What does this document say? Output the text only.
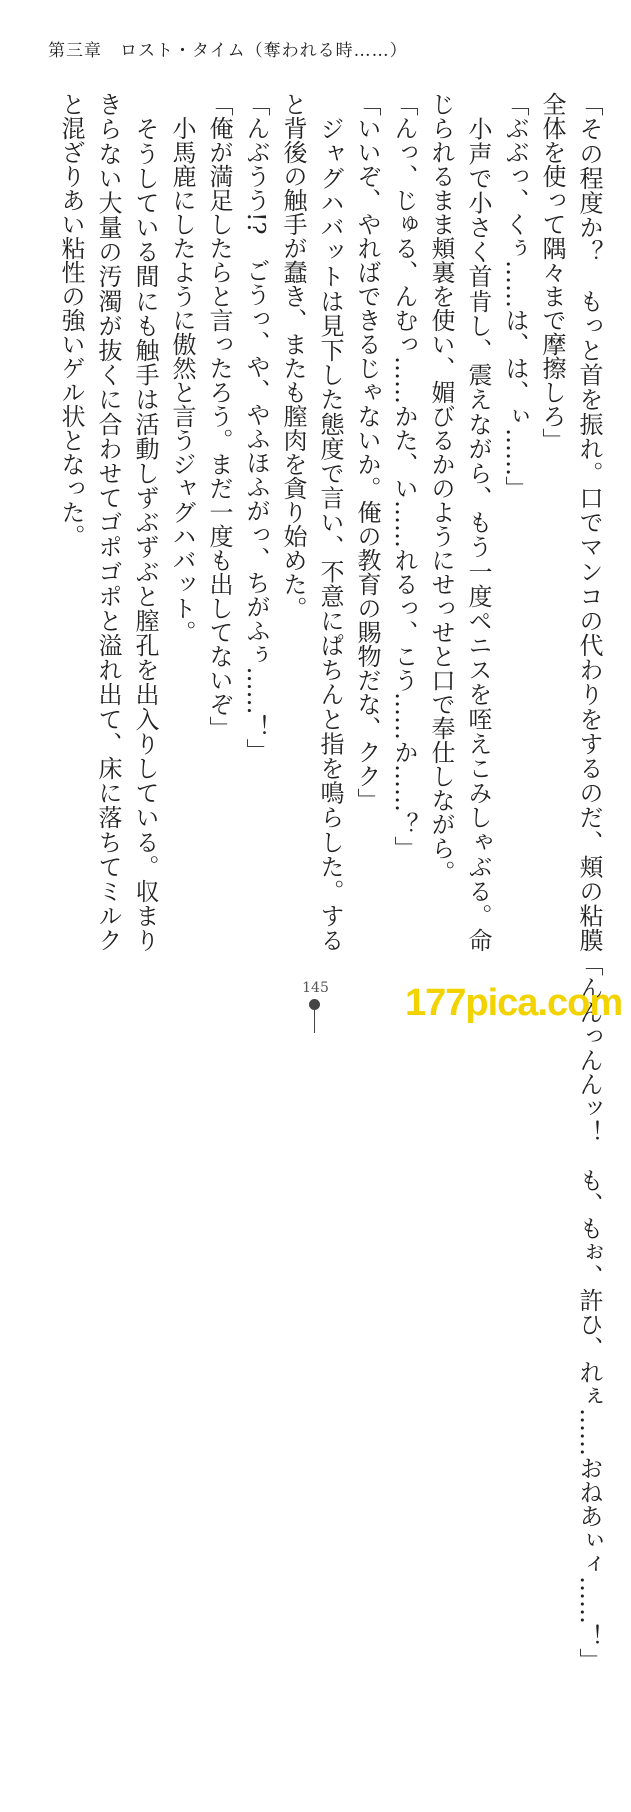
第三章　ロスト・タイム（奪われる時……）

「その程度か？　もっと首を振れ。口でマンコの代わりをするのだ、頬の粘膜全体を使って隅々まで摩擦しろ」

「ぶぶっ、くぅ……は、は、ぃ……」

　小声で小さく首肯し、震えながら、もう一度ペニスを咥えこみしゃぶる。命じられるまま頬裏を使い、媚びるかのようにせっせと口で奉仕しながら。

「んっ、じゅる、んむっ……かた、い……れるっ、こう……か……？」

「いいぞ、やればできるじゃないか。俺の教育の賜物だな、クク」

　ジャグハバットは見下した態度で言い、不意にぱちんと指を鳴らした。すると背後の触手が蠢き、またも膣肉を貪り始めた。

「んぶうう!?　ごうっ、や、やふほふがっ、ちがふぅ……！」

「俺が満足したらと言ったろう。まだ一度も出してないぞ」

　小馬鹿にしたように傲然と言うジャグハバット。

　そうしている間にも触手は活動しずぶずぶと膣孔を出入りしている。収まりきらない大量の汚濁が抜くに合わせてゴポゴポと溢れ出て、床に落ちてミルクと混ざりあい粘性の強いゲル状となった。

「んんっんんッ！　も、もぉ、許ひ、れぇ……おねあぃィ……！」

145	177pica.com
